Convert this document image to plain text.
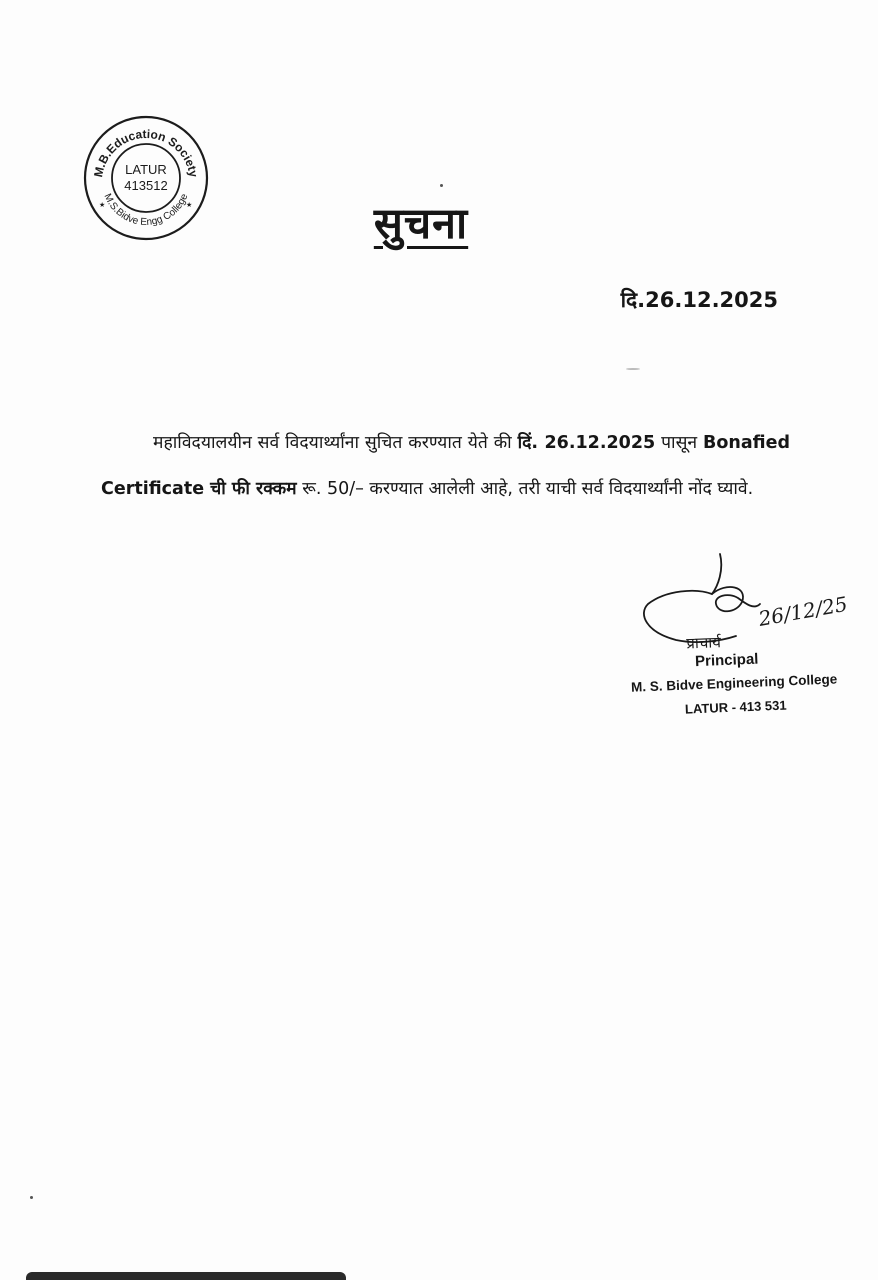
M.B.Education Society
M.S.Bidve Engg College
LATUR
413512
★	★	सुचना
दि.26.12.2025
महाविदयालयीन सर्व विदयार्थ्यांना सुचित करण्यात येते की दिं. 26.12.2025 पासून Bonafied Certificate ची फी रक्कम रू. 50/– करण्यात आलेली आहे, तरी याची सर्व विदयार्थ्यांनी नोंद घ्यावे.
26/12/25
प्राचार्य
Principal
M. S. Bidve Engineering College
LATUR - 413 531
